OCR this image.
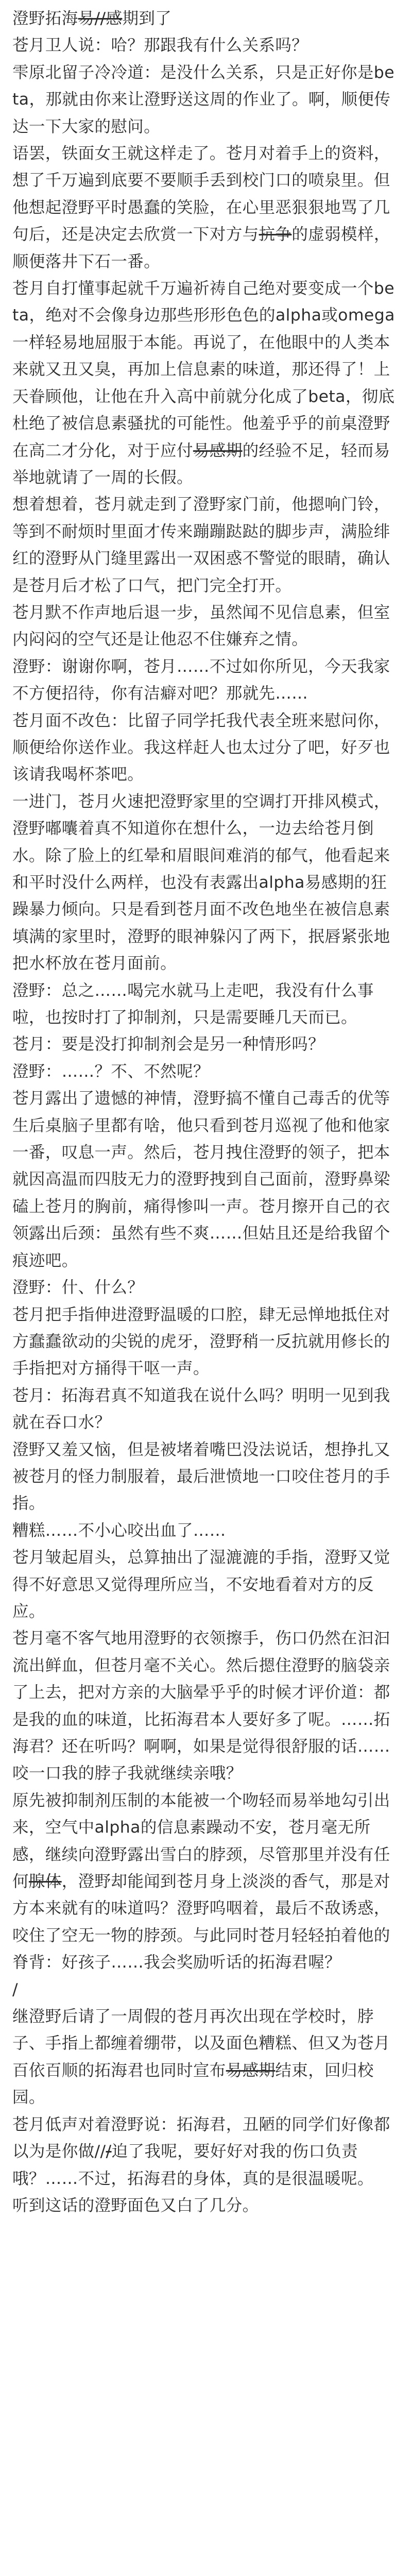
澄野拓海易//感期到了

苍月卫人说：哈？那跟我有什么关系吗？

雫原北留子冷冷道：是没什么关系，只是正好你是beta，那就由你来让澄野送这周的作业了。啊，顺便传达一下大家的慰问。

语罢，铁面女王就这样走了。苍月对着手上的资料，想了千万遍到底要不要顺手丢到校门口的喷泉里。但他想起澄野平时愚蠢的笑脸，在心里恶狠狠地骂了几句后，还是决定去欣赏一下对方与抗争的虚弱模样，顺便落井下石一番。

苍月自打懂事起就千万遍祈祷自己绝对要变成一个beta，绝对不会像身边那些形形色色的alpha或omega一样轻易地屈服于本能。再说了，在他眼中的人类本来就又丑又臭，再加上信息素的味道，那还得了！上天眷顾他，让他在升入高中前就分化成了beta，彻底杜绝了被信息素骚扰的可能性。他羞乎乎的前桌澄野在高二才分化，对于应付易感期的经验不足，轻而易举地就请了一周的长假。

想着想着，苍月就走到了澄野家门前，他摁响门铃，等到不耐烦时里面才传来蹦蹦跶跶的脚步声，满脸绯红的澄野从门缝里露出一双困惑不警觉的眼睛，确认是苍月后才松了口气，把门完全打开。

苍月默不作声地后退一步，虽然闻不见信息素，但室内闷闷的空气还是让他忍不住嫌弃之情。

澄野：谢谢你啊，苍月……不过如你所见，今天我家不方便招待，你有洁癖对吧？那就先……

苍月面不改色：比留子同学托我代表全班来慰问你，顺便给你送作业。我这样赶人也太过分了吧，好歹也该请我喝杯茶吧。

一进门，苍月火速把澄野家里的空调打开排风模式，澄野嘟囔着真不知道你在想什么，一边去给苍月倒水。除了脸上的红晕和眉眼间难消的郁气，他看起来和平时没什么两样，也没有表露出alpha易感期的狂躁暴力倾向。只是看到苍月面不改色地坐在被信息素填满的家里时，澄野的眼神躲闪了两下，抿唇紧张地把水杯放在苍月面前。

澄野：总之……喝完水就马上走吧，我没有什么事啦，也按时打了抑制剂，只是需要睡几天而已。

苍月：要是没打抑制剂会是另一种情形吗？

澄野：……？不、不然呢？

苍月露出了遗憾的神情，澄野搞不懂自己毒舌的优等生后桌脑子里都有啥，他只看到苍月巡视了他和他家一番，叹息一声。然后，苍月拽住澄野的领子，把本就因高温而四肢无力的澄野拽到自己面前，澄野鼻梁磕上苍月的胸前，痛得惨叫一声。苍月擦开自己的衣领露出后颈：虽然有些不爽……但姑且还是给我留个痕迹吧。

澄野：什、什么？

苍月把手指伸进澄野温暖的口腔，肆无忌惮地抵住对方蠢蠢欲动的尖锐的虎牙，澄野稍一反抗就用修长的手指把对方捅得干呕一声。

苍月：拓海君真不知道我在说什么吗？明明一见到我就在吞口水？

澄野又羞又恼，但是被堵着嘴巴没法说话，想挣扎又被苍月的怪力制服着，最后泄愤地一口咬住苍月的手指。

糟糕……不小心咬出血了……

苍月皱起眉头，总算抽出了湿漉漉的手指，澄野又觉得不好意思又觉得理所应当，不安地看着对方的反应。

苍月毫不客气地用澄野的衣领擦手，伤口仍然在汩汩流出鲜血，但苍月毫不关心。然后摁住澄野的脑袋亲了上去，把对方亲的大脑晕乎乎的时候才评价道：都是我的血的味道，比拓海君本人要好多了呢。……拓海君？还在听吗？啊啊，如果是觉得很舒服的话……咬一口我的脖子我就继续亲哦？

原先被抑制剂压制的本能被一个吻轻而易举地勾引出来，空气中alpha的信息素躁动不安，苍月毫无所感，继续向澄野露出雪白的脖颈，尽管那里并没有任何腺体，澄野却能闻到苍月身上淡淡的香气，那是对方本来就有的味道吗？澄野呜咽着，最后不敌诱惑，咬住了空无一物的脖颈。与此同时苍月轻轻拍着他的脊背：好孩子……我会奖励听话的拓海君喔？

/

继澄野后请了一周假的苍月再次出现在学校时，脖子、手指上都缠着绷带，以及面色糟糕、但又为苍月百依百顺的拓海君也同时宣布易感期结束，回归校园。

苍月低声对着澄野说：拓海君，丑陋的同学们好像都以为是你做///迫了我呢，要好好对我的伤口负责哦？……不过，拓海君的身体，真的是很温暖呢。

听到这话的澄野面色又白了几分。
